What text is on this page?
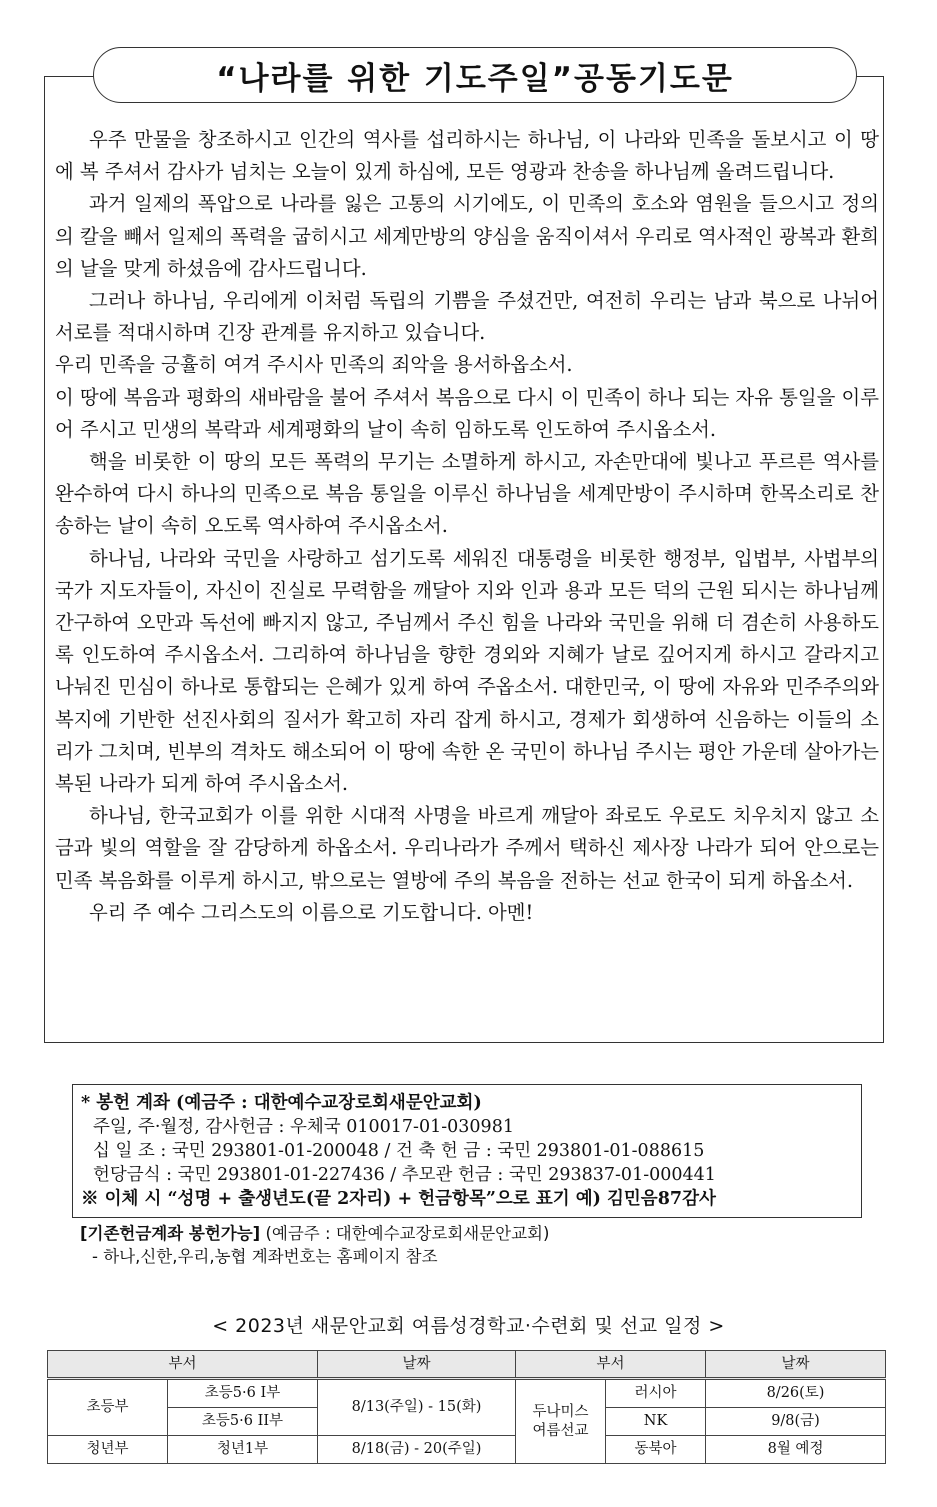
“나라를 위한 기도주일”공동기도문

우주 만물을 창조하시고 인간의 역사를 섭리하시는 하나님, 이 나라와 민족을 돌보시고 이 땅에 복 주셔서 감사가 넘치는 오늘이 있게 하심에, 모든 영광과 찬송을 하나님께 올려드립니다.

과거 일제의 폭압으로 나라를 잃은 고통의 시기에도, 이 민족의 호소와 염원을 들으시고 정의의 칼을 빼서 일제의 폭력을 굽히시고 세계만방의 양심을 움직이셔서 우리로 역사적인 광복과 환희의 날을 맞게 하셨음에 감사드립니다.

그러나 하나님, 우리에게 이처럼 독립의 기쁨을 주셨건만, 여전히 우리는 남과 북으로 나뉘어 서로를 적대시하며 긴장 관계를 유지하고 있습니다.

우리 민족을 긍휼히 여겨 주시사 민족의 죄악을 용서하옵소서.

이 땅에 복음과 평화의 새바람을 불어 주셔서 복음으로 다시 이 민족이 하나 되는 자유 통일을 이루어 주시고 민생의 복락과 세계평화의 날이 속히 임하도록 인도하여 주시옵소서.

핵을 비롯한 이 땅의 모든 폭력의 무기는 소멸하게 하시고, 자손만대에 빛나고 푸르른 역사를 완수하여 다시 하나의 민족으로 복음 통일을 이루신 하나님을 세계만방이 주시하며 한목소리로 찬송하는 날이 속히 오도록 역사하여 주시옵소서.

하나님, 나라와 국민을 사랑하고 섬기도록 세워진 대통령을 비롯한 행정부, 입법부, 사법부의 국가 지도자들이, 자신이 진실로 무력함을 깨달아 지와 인과 용과 모든 덕의 근원 되시는 하나님께 간구하여 오만과 독선에 빠지지 않고, 주님께서 주신 힘을 나라와 국민을 위해 더 겸손히 사용하도록 인도하여 주시옵소서. 그리하여 하나님을 향한 경외와 지혜가 날로 깊어지게 하시고 갈라지고 나눠진 민심이 하나로 통합되는 은혜가 있게 하여 주옵소서. 대한민국, 이 땅에 자유와 민주주의와 복지에 기반한 선진사회의 질서가 확고히 자리 잡게 하시고, 경제가 회생하여 신음하는 이들의 소리가 그치며, 빈부의 격차도 해소되어 이 땅에 속한 온 국민이 하나님 주시는 평안 가운데 살아가는 복된 나라가 되게 하여 주시옵소서.

하나님, 한국교회가 이를 위한 시대적 사명을 바르게 깨달아 좌로도 우로도 치우치지 않고 소금과 빛의 역할을 잘 감당하게 하옵소서. 우리나라가 주께서 택하신 제사장 나라가 되어 안으로는 민족 복음화를 이루게 하시고, 밖으로는 열방에 주의 복음을 전하는 선교 한국이 되게 하옵소서.

우리 주 예수 그리스도의 이름으로 기도합니다. 아멘!

* 봉헌 계좌 (예금주 : 대한예수교장로회새문안교회)
주일, 주·월정, 감사헌금 : 우체국 010017-01-030981
십 일 조 : 국민 293801-01-200048 / 건 축 헌 금 : 국민 293801-01-088615
헌당금식 : 국민 293801-01-227436 / 추모관 헌금 : 국민 293837-01-000441
※ 이체 시 “성명 + 출생년도(끝 2자리) + 헌금항목”으로 표기 예) 김민음87감사
[기존헌금계좌 봉헌가능] (예금주 : 대한예수교장로회새문안교회)
- 하나,신한,우리,농협 계좌번호는 홈페이지 참조
< 2023년 새문안교회 여름성경학교·수련회 및 선교 일정 >
부서		날짜	부서		날짜
초등부	초등5·6 I부	8/13(주일) - 15(화)	두나미스 여름선교	러시아	8/26(토)
	초등5·6 II부			NK	9/8(금)
청년부	청년1부	8/18(금) - 20(주일)		동북아	8월 예정
